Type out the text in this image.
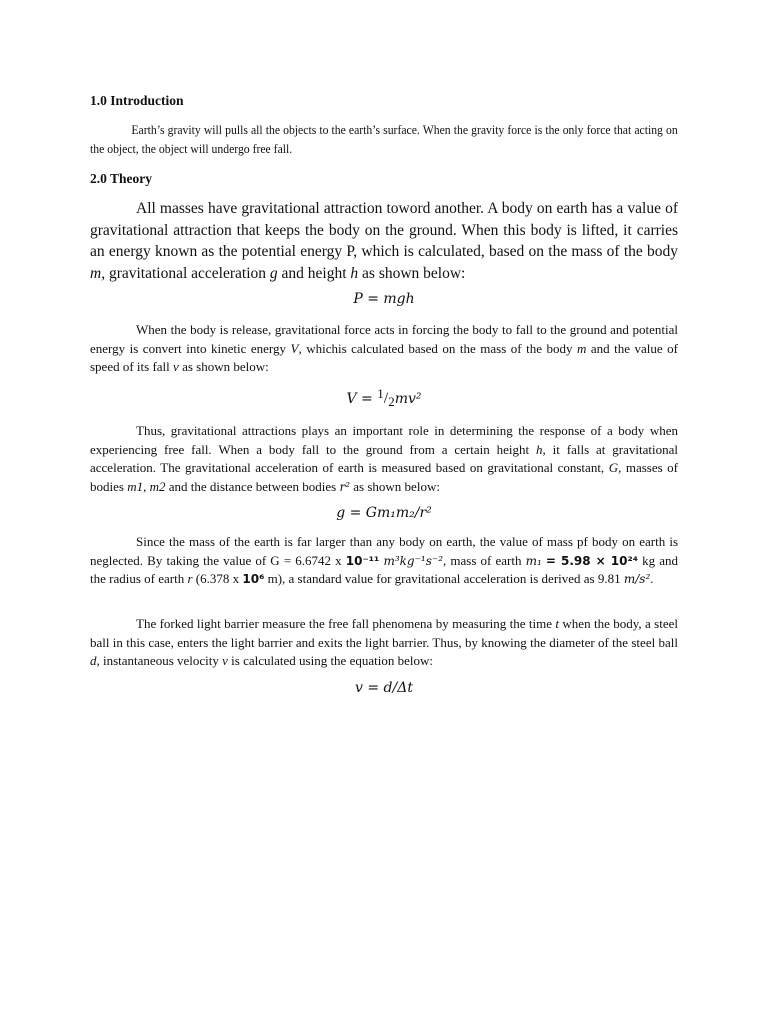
1.0 Introduction

Earth’s gravity will pulls all the objects to the earth’s surface. When the gravity force is the only force that acting on the object, the object will undergo free fall.

2.0 Theory

All masses have gravitational attraction toword another. A body on earth has a value of gravitational attraction that keeps the body on the ground. When this body is lifted, it carries an energy known as the potential energy P, which is calculated, based on the mass of the body m, gravitational acceleration g and height h as shown below:

P = mgh

When the body is release, gravitational force acts in forcing the body to fall to the ground and potential energy is convert into kinetic energy V, whichis calculated based on the mass of the body m and the value of speed of its fall v as shown below:

V = $^1$/2mv²

Thus, gravitational attractions plays an important role in determining the response of a body when experiencing free fall. When a body fall to the ground from a certain height h, it falls at gravitational acceleration. The gravitational acceleration of earth is measured based on gravitational constant, G, masses of bodies m1, m2 and the distance between bodies r² as shown below:

g = Gm₁m₂/r²

Since the mass of the earth is far larger than any body on earth, the value of mass pf body on earth is neglected. By taking the value of G = 6.6742 x 10⁻¹¹ m³kg⁻¹s⁻², mass of earth m₁ = 5.98 × 10²⁴ kg and the radius of earth r (6.378 x 10⁶ m), a standard value for gravitational acceleration is derived as 9.81 m/s².

The forked light barrier measure the free fall phenomena by measuring the time t when the body, a steel ball in this case, enters the light barrier and exits the light barrier. Thus, by knowing the diameter of the steel ball d, instantaneous velocity v is calculated using the equation below:

v = d/Δt
